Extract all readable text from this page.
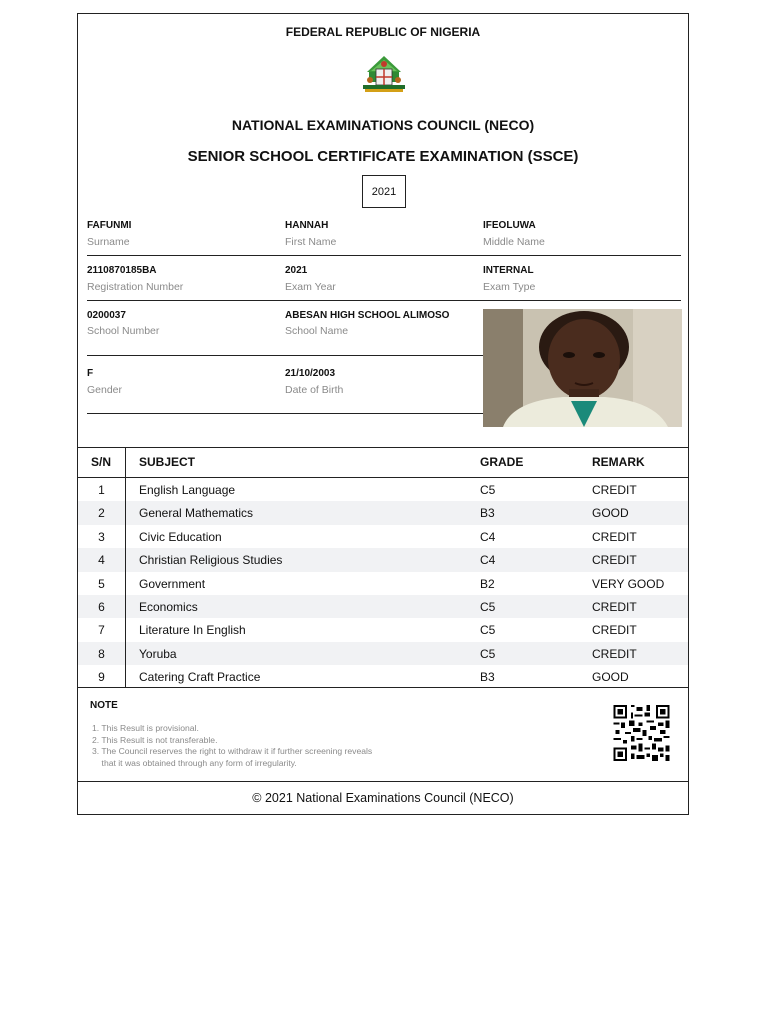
FEDERAL REPUBLIC OF NIGERIA
NATIONAL EXAMINATIONS COUNCIL (NECO)
SENIOR SCHOOL CERTIFICATE EXAMINATION (SSCE)
2021
FAFUNMI
Surname
HANNAH
First Name
IFEOLUWA
Middle Name
2110870185BA
Registration Number
2021
Exam Year
INTERNAL
Exam Type
0200037
School Number
ABESAN HIGH SCHOOL ALIMOSO
School Name
F
Gender
21/10/2003
Date of Birth
S/N SUBJECT	GRADE	REMARK
1	English Language	C5	CREDIT
2	General Mathematics	B3	GOOD
3	Civic Education	C4	CREDIT
4	Christian Religious Studies	C4	CREDIT
5	Government	B2	VERY GOOD
6	Economics	C5	CREDIT
7	Literature In English	C5	CREDIT
8	Yoruba	C5	CREDIT
9	Catering Craft Practice	B3	GOOD
NOTE
1. This Result is provisional.
2. This Result is not transferable.
3. The Council reserves the right to withdraw it if further screening reveals
that it was obtained through any form of irregularity.
© 2021 National Examinations Council (NECO)
